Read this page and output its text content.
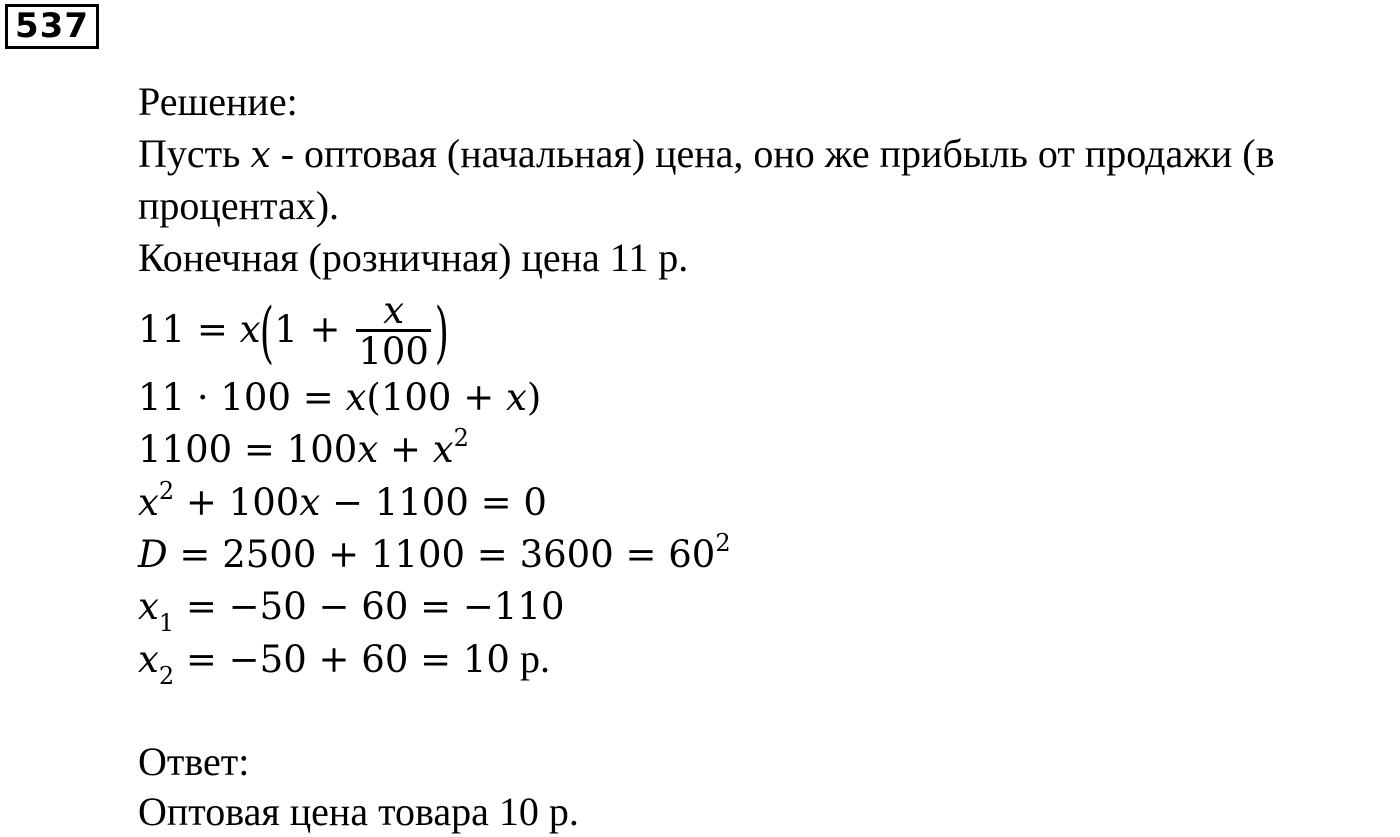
537
Решение:
Пусть x - оптовая (начальная) цена, оно же прибыль от продажи (в
процентах).
Конечная (розничная) цена 11 р.
$11 = x(1 + \frac{x}{100}$ )
11 · 100 = x(100 + x)
$1100 = 100x + x^2$
$x^2 + 100x - 1100 = 0$
$D = 2500 + 1100 = 3600 = 60^2$
$x_1 = -50 - 60 = -110$
$x_2 = -50 + 60 = 10$ р.
Ответ:
Оптовая цена товара 10 р.
